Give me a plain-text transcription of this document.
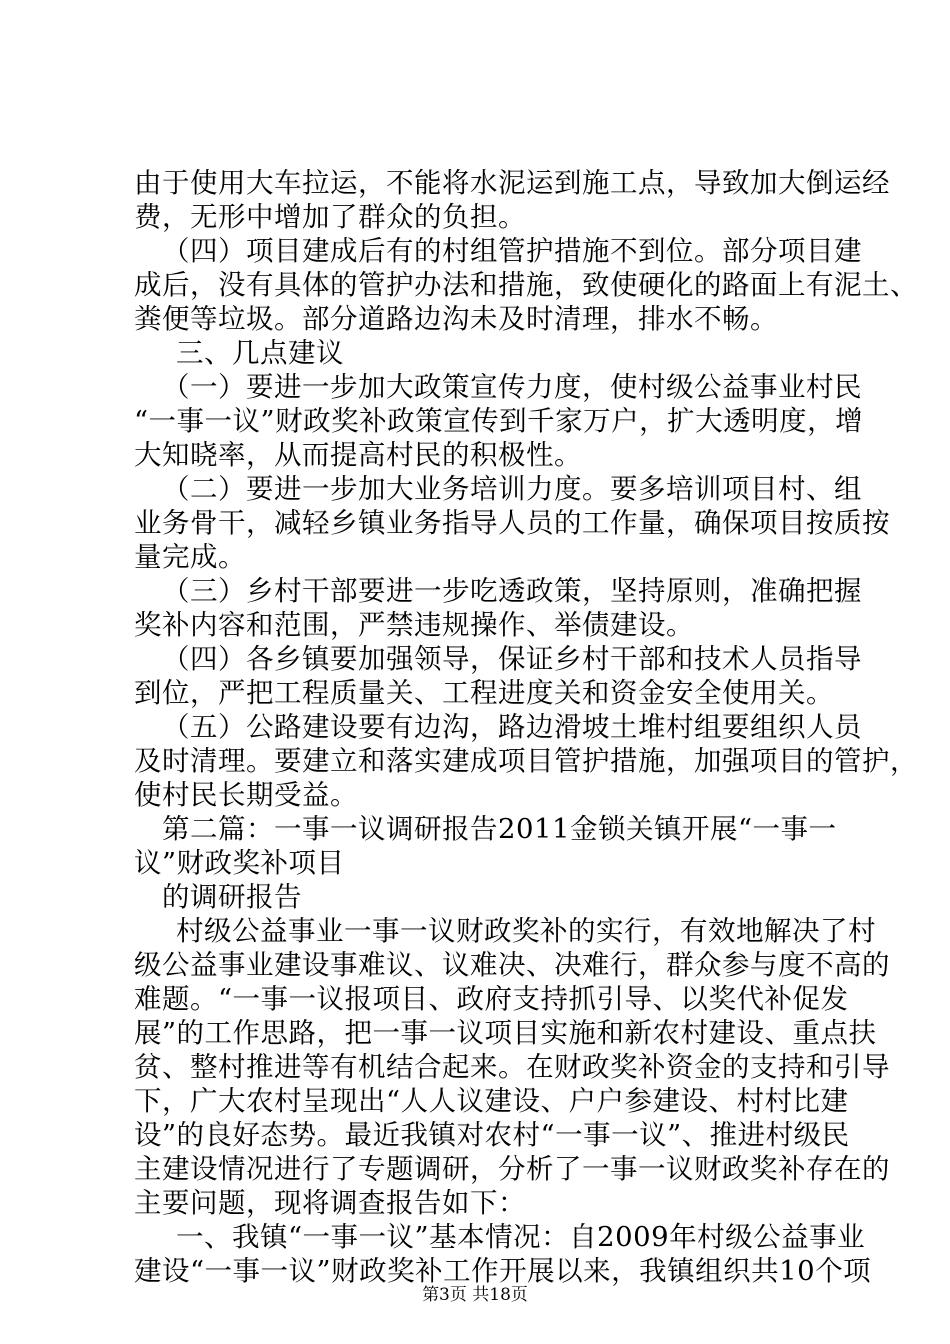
由于使用大车拉运，不能将水泥运到施工点，导致加大倒运经
费，无形中增加了群众的负担。
（四）项目建成后有的村组管护措施不到位。部分项目建
成后，没有具体的管护办法和措施，致使硬化的路面上有泥土、
粪便等垃圾。部分道路边沟未及时清理，排水不畅。
三、几点建议
（一）要进一步加大政策宣传力度，使村级公益事业村民
“一事一议”财政奖补政策宣传到千家万户，扩大透明度，增
大知晓率，从而提高村民的积极性。
（二）要进一步加大业务培训力度。要多培训项目村、组
业务骨干，减轻乡镇业务指导人员的工作量，确保项目按质按
量完成。
（三）乡村干部要进一步吃透政策，坚持原则，准确把握
奖补内容和范围，严禁违规操作、举债建设。
（四）各乡镇要加强领导，保证乡村干部和技术人员指导
到位，严把工程质量关、工程进度关和资金安全使用关。
（五）公路建设要有边沟，路边滑坡土堆村组要组织人员
及时清理。要建立和落实建成项目管护措施，加强项目的管护，
使村民长期受益。
第二篇：一事一议调研报告2011金锁关镇开展“一事一
议”财政奖补项目
的调研报告
村级公益事业一事一议财政奖补的实行，有效地解决了村
级公益事业建设事难议、议难决、决难行，群众参与度不高的
难题。“一事一议报项目、政府支持抓引导、以奖代补促发
展”的工作思路，把一事一议项目实施和新农村建设、重点扶
贫、整村推进等有机结合起来。在财政奖补资金的支持和引导
下，广大农村呈现出“人人议建设、户户参建设、村村比建
设”的良好态势。最近我镇对农村“一事一议”、推进村级民
主建设情况进行了专题调研，分析了一事一议财政奖补存在的
主要问题，现将调查报告如下：
一、我镇“一事一议”基本情况：自2009年村级公益事业
建设“一事一议”财政奖补工作开展以来，我镇组织共10个项
第3页 共18页
